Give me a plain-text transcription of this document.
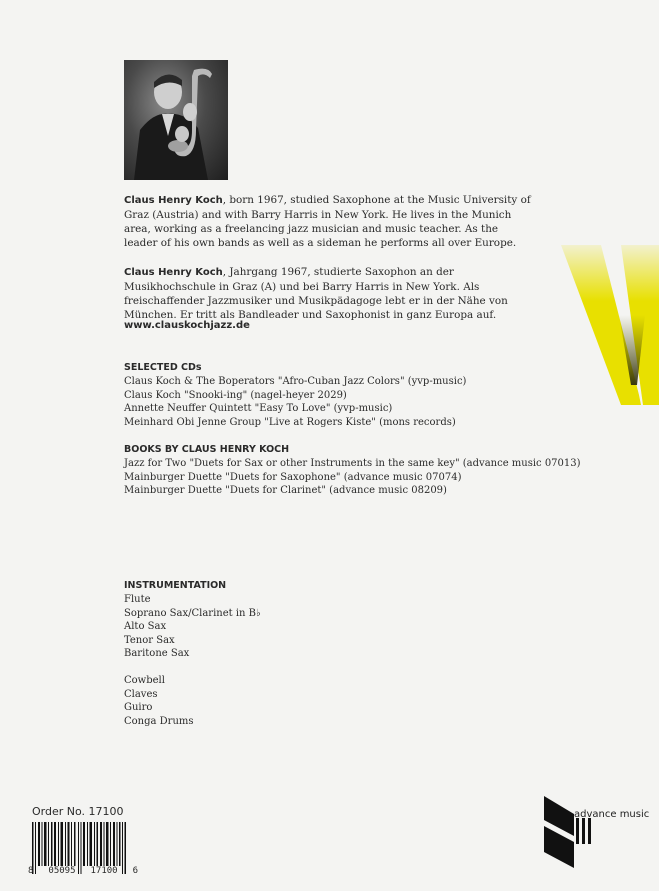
Claus Henry Koch, born 1967, studied Saxophone at the Music University of Graz (Austria) and with Barry Harris in New York. He lives in the Munich area, working as a freelancing jazz musician and music teacher. As the leader of his own bands as well as a sideman he performs all over Europe.

Claus Henry Koch, Jahrgang 1967, studierte Saxophon an der Musikhochschule in Graz (A) und bei Barry Harris in New York. Als freischaffender Jazzmusiker und Musikpädagoge lebt er in der Nähe von München. Er tritt als Bandleader und Saxophonist in ganz Europa auf.

www.clauskochjazz.de

SELECTED CDs

Claus Koch & The Boperators "Afro-Cuban Jazz Colors" (yvp-music)

Claus Koch "Snooki-ing" (nagel-heyer 2029)

Annette Neuffer Quintett "Easy To Love" (yvp-music)

Meinhard Obi Jenne Group "Live at Rogers Kiste" (mons records)

BOOKS BY CLAUS HENRY KOCH

Jazz for Two "Duets for Sax or other Instruments in the same key" (advance music 07013)

Mainburger Duette "Duets for Saxophone" (advance music 07074)

Mainburger Duette "Duets for Clarinet" (advance music 08209)

INSTRUMENTATION

Flute

Soprano Sax/Clarinet in B♭

Alto Sax

Tenor Sax

Baritone Sax

Cowbell

Claves

Guiro

Conga Drums

Order No. 17100
8 05095 17100 6
advance music
